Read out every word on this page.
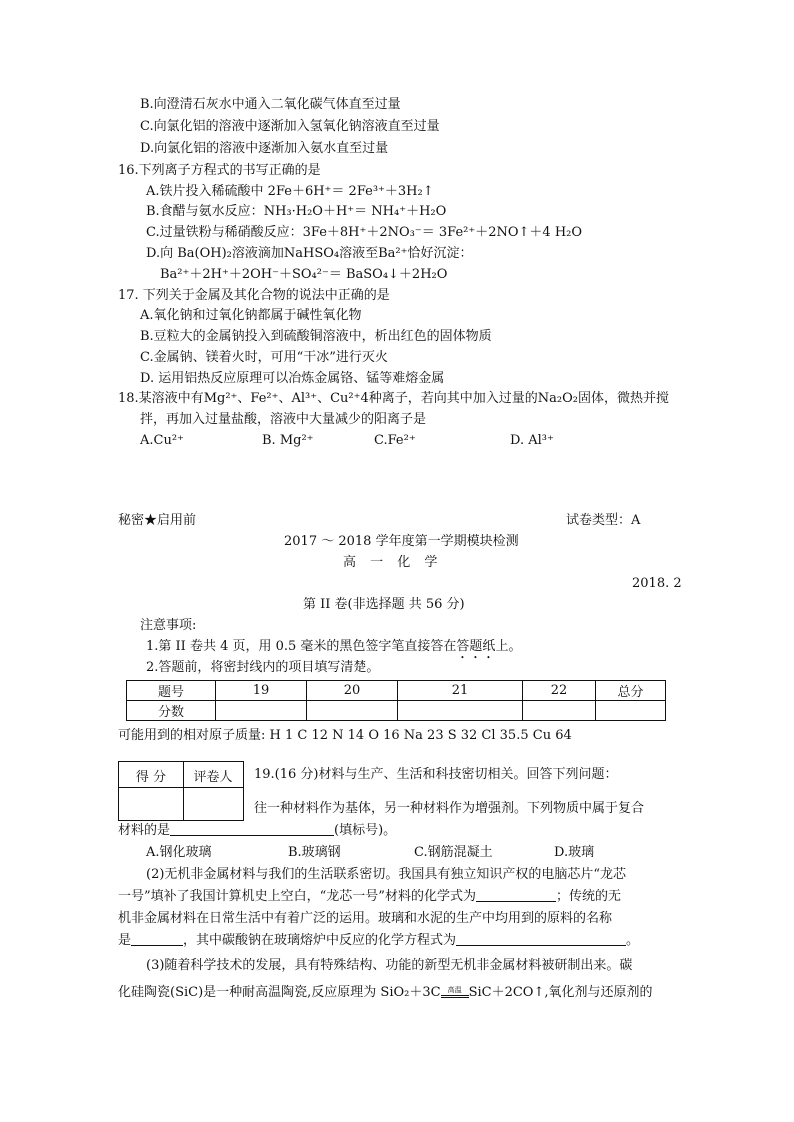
B.向澄清石灰水中通入二氧化碳气体直至过量
C.向氯化铝的溶液中逐渐加入氢氧化钠溶液直至过量
D.向氯化铝的溶液中逐渐加入氨水直至过量
16.下列离子方程式的书写正确的是
A.铁片投入稀硫酸中 2Fe＋6H⁺＝ 2Fe³⁺＋3H₂↑
B.食醋与氨水反应：NH₃·H₂O＋H⁺＝ NH₄⁺＋H₂O
C.过量铁粉与稀硝酸反应：3Fe＋8H⁺＋2NO₃⁻＝ 3Fe²⁺＋2NO↑＋4 H₂O
D.向 Ba(OH)₂溶液滴加NaHSO₄溶液至Ba²⁺恰好沉淀：
Ba²⁺＋2H⁺＋2OH⁻＋SO₄²⁻＝ BaSO₄↓＋2H₂O
17. 下列关于金属及其化合物的说法中正确的是
A.氧化钠和过氧化钠都属于碱性氧化物
B.豆粒大的金属钠投入到硫酸铜溶液中，析出红色的固体物质
C.金属钠、镁着火时，可用“干冰”进行灭火
D. 运用铝热反应原理可以冶炼金属铬、锰等难熔金属
18.某溶液中有Mg²⁺、Fe²⁺、Al³⁺、Cu²⁺4种离子，若向其中加入过量的Na₂O₂固体，微热并搅
拌，再加入过量盐酸，溶液中大量减少的阳离子是
A.Cu²⁺	B. Mg²⁺	C.Fe²⁺	D. Al³⁺
秘密★启用前	试卷类型：A
2017 ～ 2018 学年度第一学期模块检测
高 一 化 学
2018. 2
第 II 卷(非选择题 共 56 分)
注意事项:
1.第 II 卷共 4 页，用 0.5 毫米的黑色签字笔直接答在答题纸上。
2.答题前，将密封线内的项目填写清楚。
题号	19	20	21	22	总分
分数					
可能用到的相对原子质量: H 1 C 12 N 14 O 16 Na 23 S 32 Cl 35.5 Cu 64
得 分	评卷人	19.(16 分)材料与生产、生活和科技密切相关。回答下列问题：
往一种材料作为基体，另一种材料作为增强剂。下列物质中属于复合
材料的是	(填标号)。
A.钢化玻璃	B.玻璃钢	C.钢筋混凝土	D.玻璃
(2)无机非金属材料与我们的生活联系密切。我国具有独立知识产权的电脑芯片“龙芯
一号”填补了我国计算机史上空白，“龙芯一号”材料的化学式为	；传统的无
机非金属材料在日常生活中有着广泛的运用。玻璃和水泥的生产中均用到的原料的名称
是	，其中碳酸钠在玻璃熔炉中反应的化学方程式为	。
(3)随着科学技术的发展，具有特殊结构、功能的新型无机非金属材料被研制出来。碳
化硅陶瓷(SiC)是一种耐高温陶瓷,反应原理为 SiO₂＋3C 高温 SiC＋2CO↑,氧化剂与还原剂的
